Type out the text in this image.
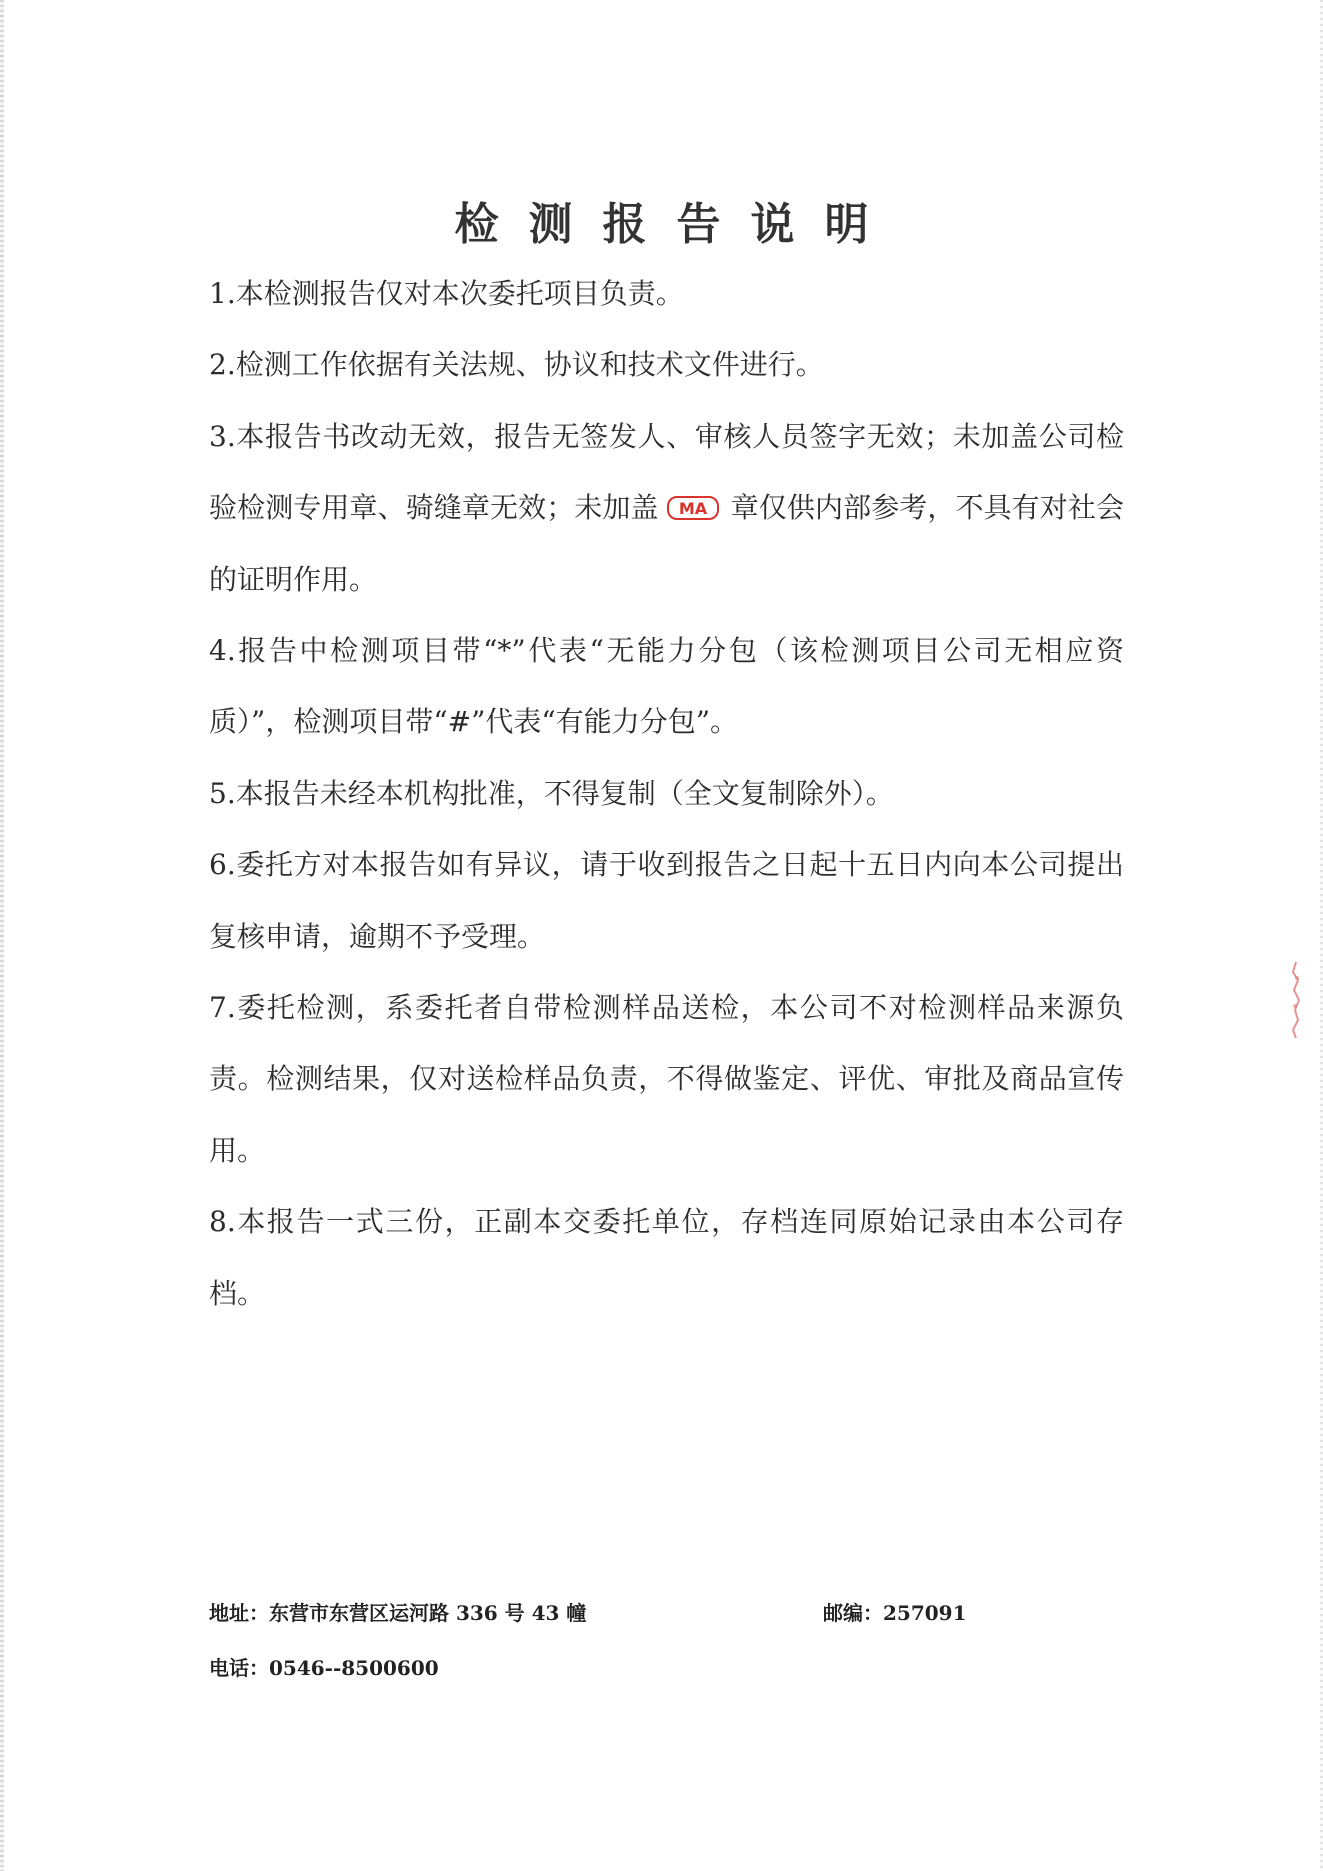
检测报告说明

1.本检测报告仅对本次委托项目负责。

2.检测工作依据有关法规、协议和技术文件进行。

3.本报告书改动无效，报告无签发人、审核人员签字无效；未加盖公司检验检测专用章、骑缝章无效；未加盖 MA 章仅供内部参考，不具有对社会的证明作用。

4.报告中检测项目带“*”代表“无能力分包（该检测项目公司无相应资质）”，检测项目带“#”代表“有能力分包”。

5.本报告未经本机构批准，不得复制（全文复制除外）。

6.委托方对本报告如有异议，请于收到报告之日起十五日内向本公司提出复核申请，逾期不予受理。

7.委托检测，系委托者自带检测样品送检，本公司不对检测样品来源负责。检测结果，仅对送检样品负责，不得做鉴定、评优、审批及商品宣传用。

8.本报告一式三份，正副本交委托单位，存档连同原始记录由本公司存档。

地址：东营市东营区运河路 336 号 43 幢	邮编：257091
电话：0546--8500600
